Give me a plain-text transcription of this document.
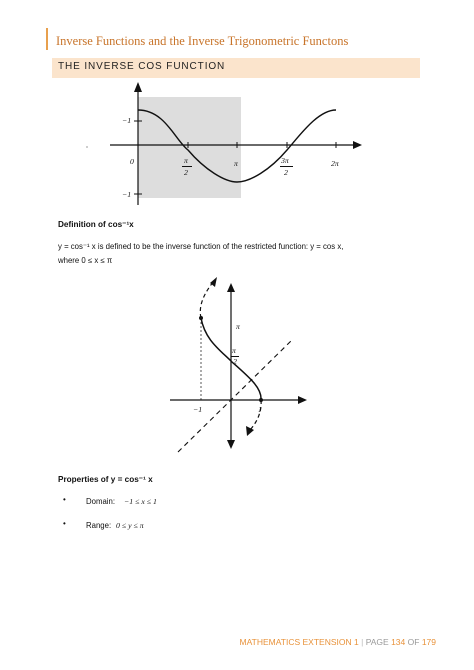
Inverse Functions and the Inverse Trigonometric Functons
THE INVERSE COS FUNCTION
−1
−1
0	π
2
π	3π
2
2π
Definition of cos⁻¹x
y = cos⁻¹ x is defined to be the inverse function of the restricted function: y = cos x,
where 0 ≤ x ≤ π
π
π
2
−1	1
Properties of y = cos⁻¹ x
•	Domain: −1 ≤ x ≤ 1
•	Range: 0 ≤ y ≤ π
MATHEMATICS EXTENSION 1 | PAGE 134 OF 179
